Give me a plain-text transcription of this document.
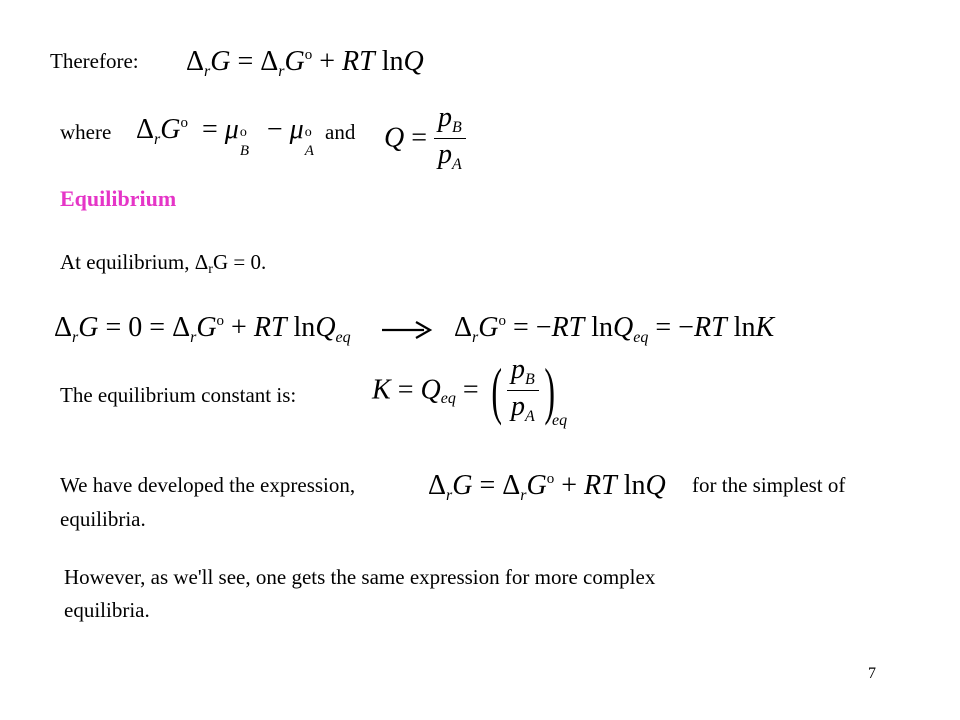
Therefore: $\Delta_rG = \Delta_rG^o$ + RT lnQ
where $\Delta_rG^o = \mu$ o
B
− μ o
A
and $Q = \frac{p_B}{p_A}$
Equilibrium
At equilibrium, ΔrG = 0.
$\Delta_rG = 0 = \Delta_rG^o$ + RT lnQ$_{eq}$	$\Delta_rG^o = -RT$ lnQ$_{eq}$ = −RT lnK
The equilibrium constant is:	$K = Q_{eq}$ = ( $\frac{p_B}{p_A} )_{eq}$
We have developed the expression,	$\Delta_rG = \Delta_rG^o$ + RT lnQ for the simplest of
equilibria.
However, as we'll see, one gets the same expression for more complex
equilibria.
7
